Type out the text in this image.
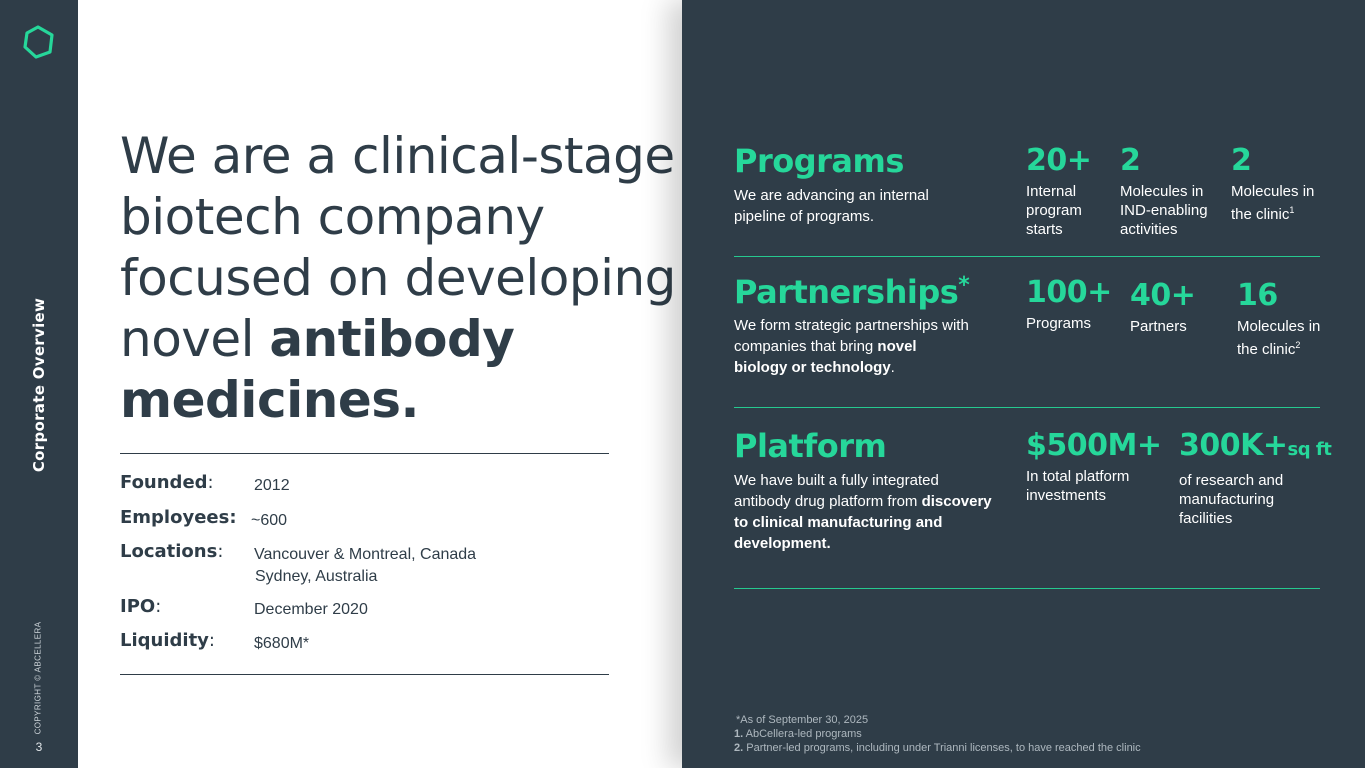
Corporate Overview
COPYRIGHT © ABCELLERA
3
We are a clinical-stage
biotech company
focused on developing
novel antibody
medicines.
Founded:	2012
Employees: ~600
Locations: Vancouver & Montreal, Canada
Sydney, Australia
IPO:	December 2020
Liquidity: $680M*
Programs
We are advancing an internal pipeline of programs.
20+
Internal program starts
2
Molecules in IND-enabling activities
2
Molecules in the clinic$^1$
Partnerships*
We form strategic partnerships with companies that bring novel biology or technology.
100+
Programs
40+
Partners
16
Molecules in the clinic$^2$
Platform
We have built a fully integrated antibody drug platform from discovery to clinical manufacturing and development.
$500M+
In total platform investments
300K+sq ft
of research and manufacturing facilities
*As of September 30, 2025
1. AbCellera-led programs
2. Partner-led programs, including under Trianni licenses, to have reached the clinic
